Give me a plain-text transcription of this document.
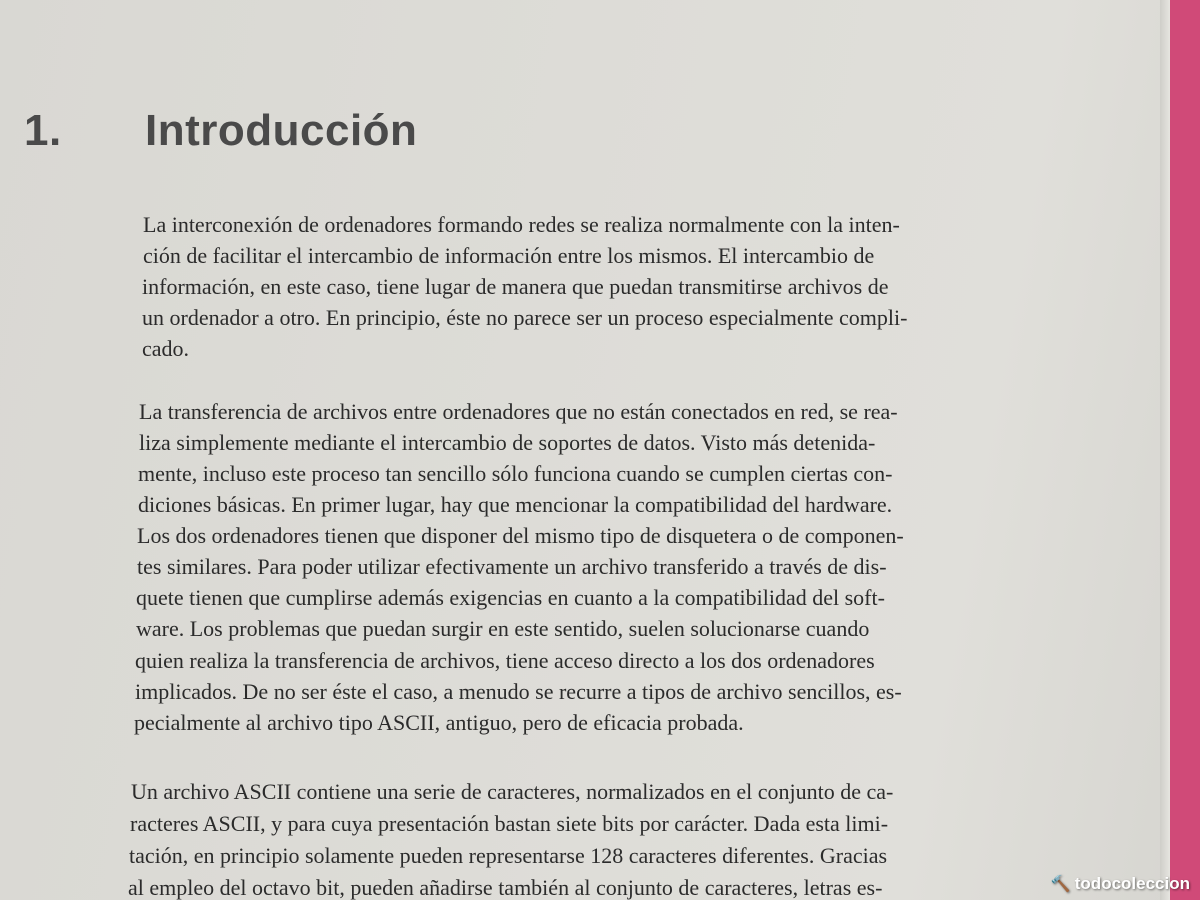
1. Introducción
La interconexión de ordenadores formando redes se realiza normalmente con la inten-
ción de facilitar el intercambio de información entre los mismos. El intercambio de
información, en este caso, tiene lugar de manera que puedan transmitirse archivos de
un ordenador a otro. En principio, éste no parece ser un proceso especialmente compli-
cado.
La transferencia de archivos entre ordenadores que no están conectados en red, se rea-
liza simplemente mediante el intercambio de soportes de datos. Visto más detenida-
mente, incluso este proceso tan sencillo sólo funciona cuando se cumplen ciertas con-
diciones básicas. En primer lugar, hay que mencionar la compatibilidad del hardware.
Los dos ordenadores tienen que disponer del mismo tipo de disquetera o de componen-
tes similares. Para poder utilizar efectivamente un archivo transferido a través de dis-
quete tienen que cumplirse además exigencias en cuanto a la compatibilidad del soft-
ware. Los problemas que puedan surgir en este sentido, suelen solucionarse cuando
quien realiza la transferencia de archivos, tiene acceso directo a los dos ordenadores
implicados. De no ser éste el caso, a menudo se recurre a tipos de archivo sencillos, es-
pecialmente al archivo tipo ASCII, antiguo, pero de eficacia probada.
Un archivo ASCII contiene una serie de caracteres, normalizados en el conjunto de ca-
racteres ASCII, y para cuya presentación bastan siete bits por carácter. Dada esta limi-
tación, en principio solamente pueden representarse 128 caracteres diferentes. Gracias
al empleo del octavo bit, pueden añadirse también al conjunto de caracteres, letras es-	🔨 todocoleccion
